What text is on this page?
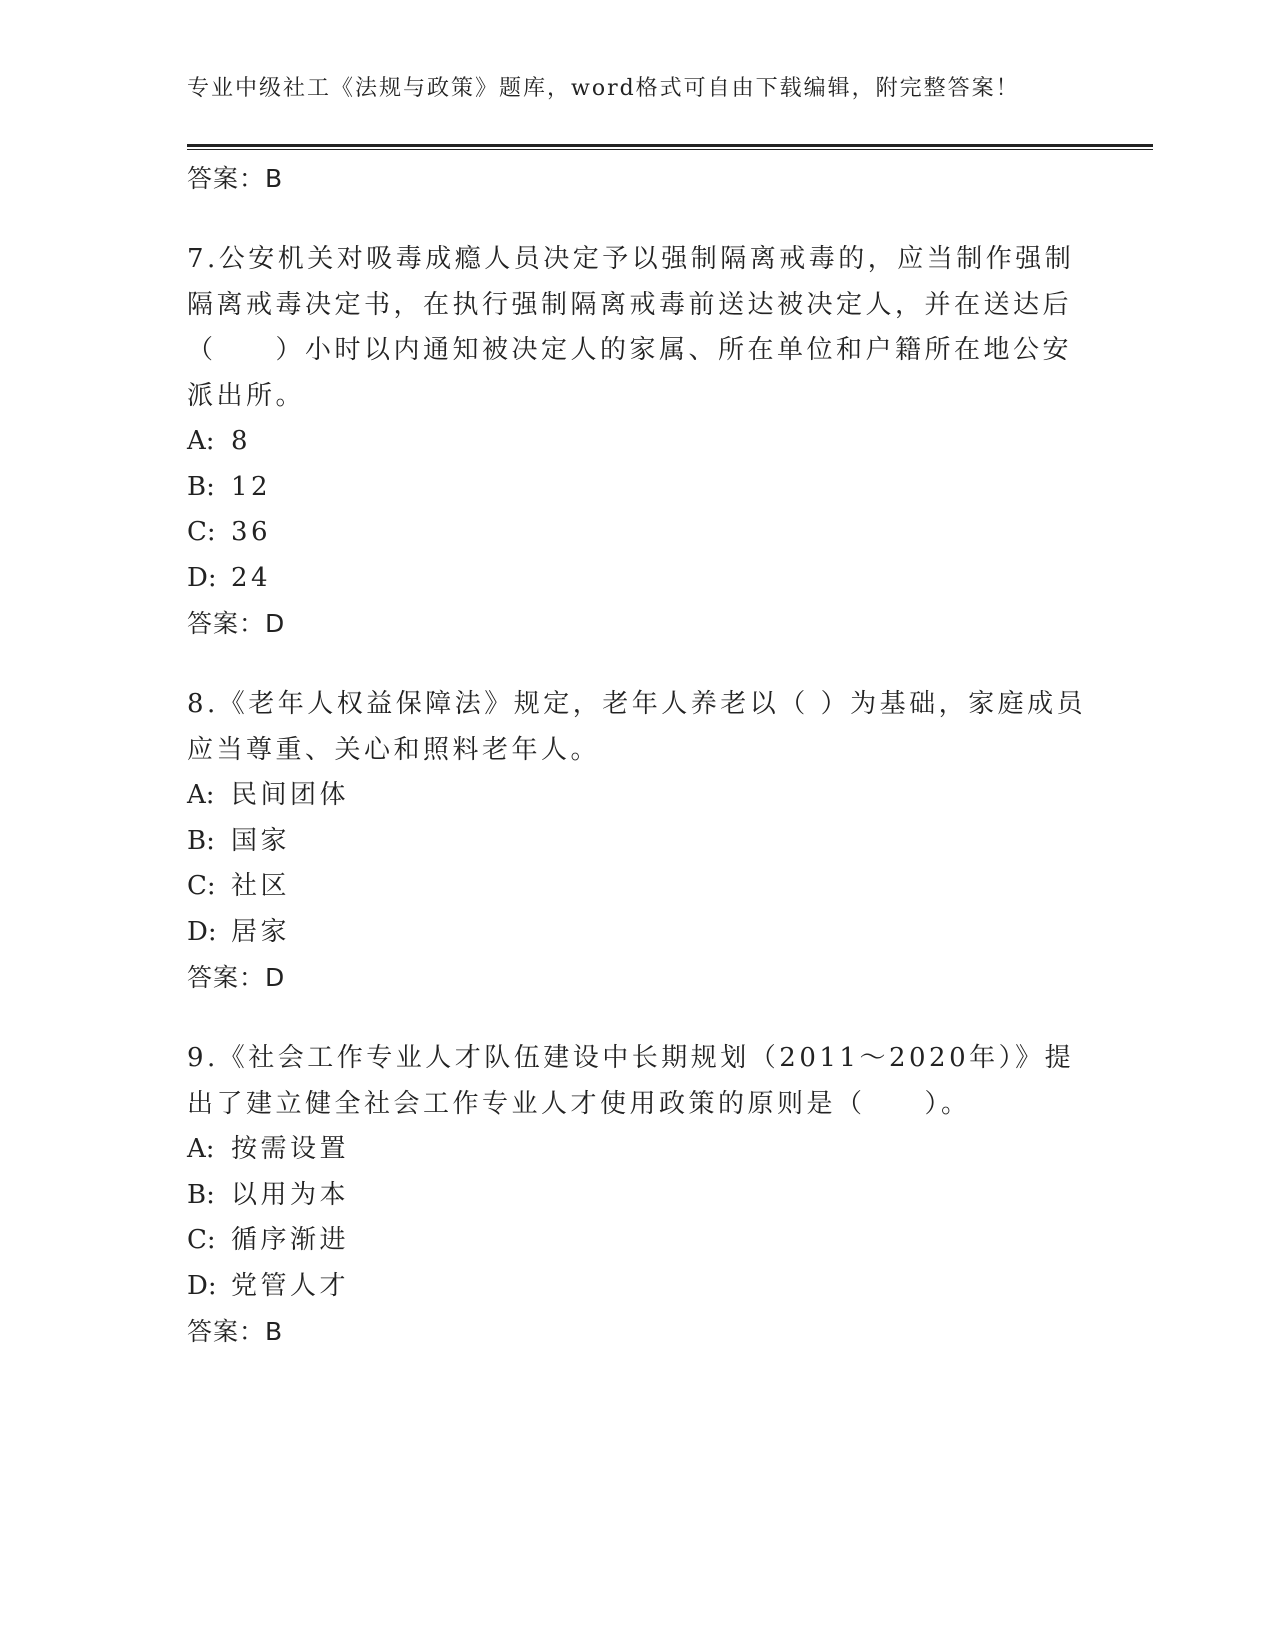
专业中级社工《法规与政策》题库，word格式可自由下载编辑，附完整答案！
答案：B
7.公安机关对吸毒成瘾人员决定予以强制隔离戒毒的，应当制作强制隔离戒毒决定书，在执行强制隔离戒毒前送达被决定人，并在送达后（　　）小时以内通知被决定人的家属、所在单位和户籍所在地公安派出所。
A: 8
B: 12
C: 36
D: 24
答案：D
8.《老年人权益保障法》规定，老年人养老以（ ）为基础，家庭成员应当尊重、关心和照料老年人。
A: 民间团体
B: 国家
C: 社区
D: 居家
答案：D
9.《社会工作专业人才队伍建设中长期规划（2011～2020年）》提出了建立健全社会工作专业人才使用政策的原则是（　　）。
A: 按需设置
B: 以用为本
C: 循序渐进
D: 党管人才
答案：B
